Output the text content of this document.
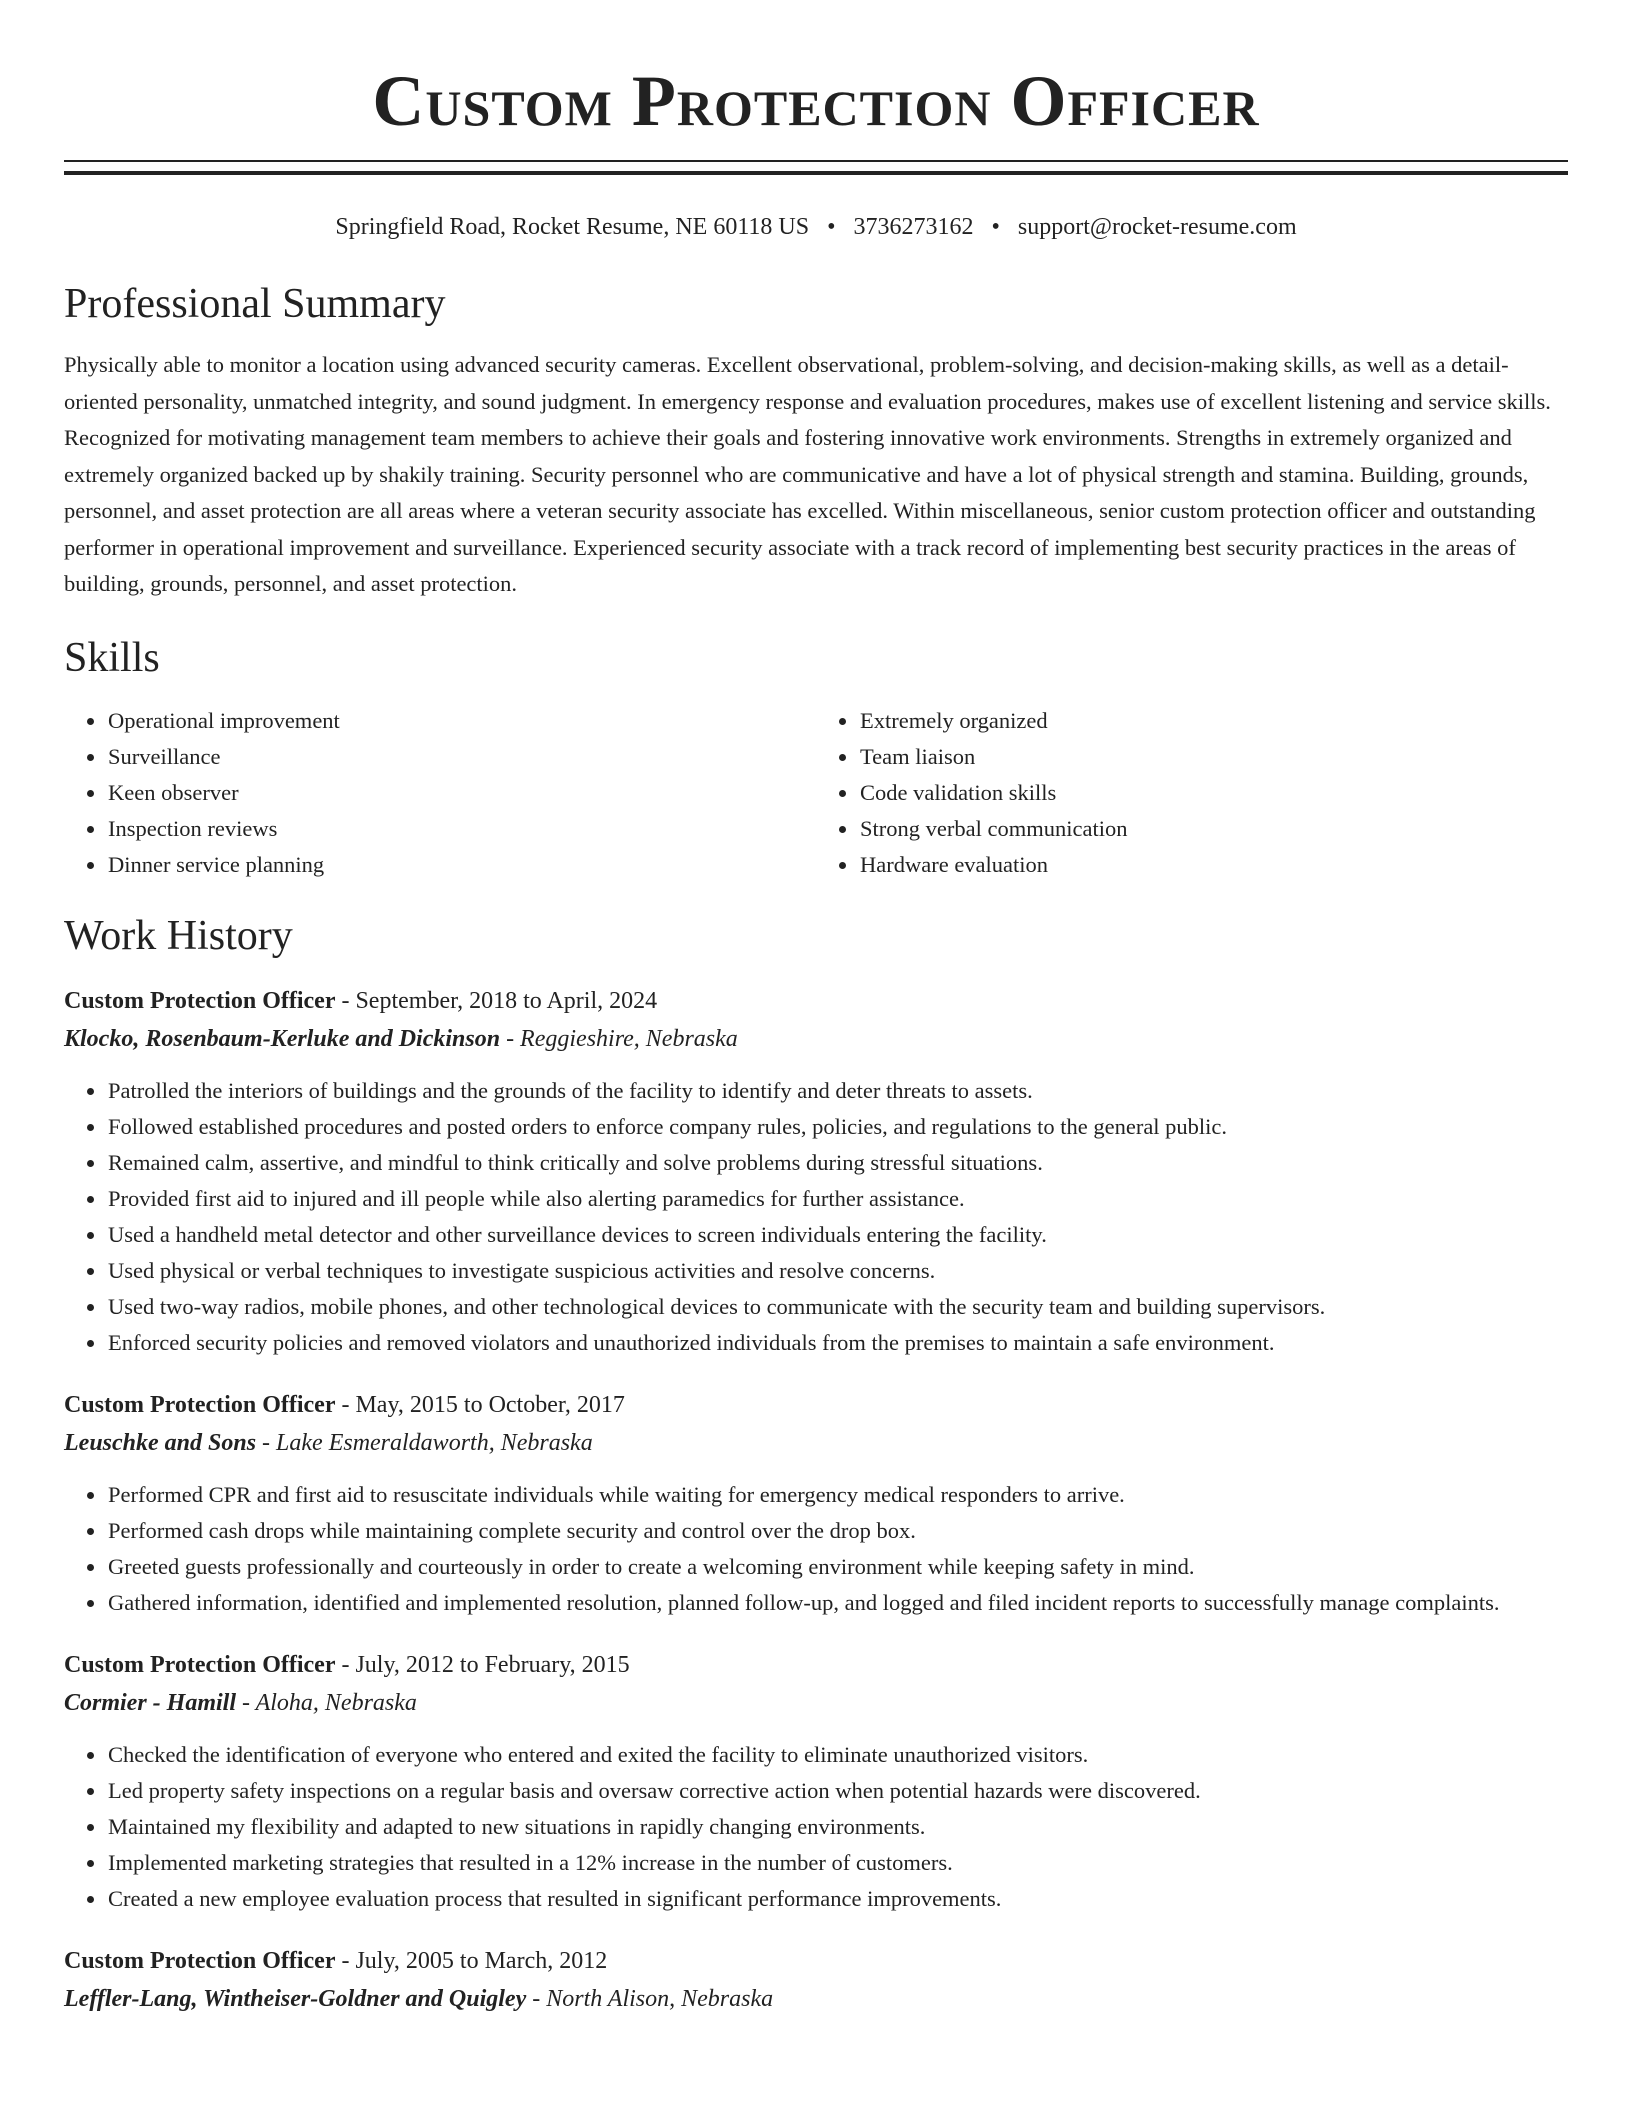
Custom Protection Officer
Springfield Road, Rocket Resume, NE 60118 US • 3736273162 • support@rocket-resume.com
Professional Summary

Physically able to monitor a location using advanced security cameras. Excellent observational, problem-solving, and decision-making skills, as well as a detail-oriented personality, unmatched integrity, and sound judgment. In emergency response and evaluation procedures, makes use of excellent listening and service skills. Recognized for motivating management team members to achieve their goals and fostering innovative work environments. Strengths in extremely organized and extremely organized backed up by shakily training. Security personnel who are communicative and have a lot of physical strength and stamina. Building, grounds, personnel, and asset protection are all areas where a veteran security associate has excelled. Within miscellaneous, senior custom protection officer and outstanding performer in operational improvement and surveillance. Experienced security associate with a track record of implementing best security practices in the areas of building, grounds, personnel, and asset protection.

Skills
• Operational improvement
• Surveillance
• Keen observer
• Inspection reviews
• Dinner service planning
• Extremely organized
• Team liaison
• Code validation skills
• Strong verbal communication
• Hardware evaluation
Work History

Custom Protection Officer - September, 2018 to April, 2024

Klocko, Rosenbaum-Kerluke and Dickinson - Reggieshire, Nebraska

• Patrolled the interiors of buildings and the grounds of the facility to identify and deter threats to assets.
• Followed established procedures and posted orders to enforce company rules, policies, and regulations to the general public.
• Remained calm, assertive, and mindful to think critically and solve problems during stressful situations.
• Provided first aid to injured and ill people while also alerting paramedics for further assistance.
• Used a handheld metal detector and other surveillance devices to screen individuals entering the facility.
• Used physical or verbal techniques to investigate suspicious activities and resolve concerns.
• Used two-way radios, mobile phones, and other technological devices to communicate with the security team and building supervisors.
• Enforced security policies and removed violators and unauthorized individuals from the premises to maintain a safe environment.

Custom Protection Officer - May, 2015 to October, 2017

Leuschke and Sons - Lake Esmeraldaworth, Nebraska

• Performed CPR and first aid to resuscitate individuals while waiting for emergency medical responders to arrive.
• Performed cash drops while maintaining complete security and control over the drop box.
• Greeted guests professionally and courteously in order to create a welcoming environment while keeping safety in mind.
• Gathered information, identified and implemented resolution, planned follow-up, and logged and filed incident reports to successfully manage complaints.

Custom Protection Officer - July, 2012 to February, 2015

Cormier - Hamill - Aloha, Nebraska

• Checked the identification of everyone who entered and exited the facility to eliminate unauthorized visitors.
• Led property safety inspections on a regular basis and oversaw corrective action when potential hazards were discovered.
• Maintained my flexibility and adapted to new situations in rapidly changing environments.
• Implemented marketing strategies that resulted in a 12% increase in the number of customers.
• Created a new employee evaluation process that resulted in significant performance improvements.

Custom Protection Officer - July, 2005 to March, 2012

Leffler-Lang, Wintheiser-Goldner and Quigley - North Alison, Nebraska
